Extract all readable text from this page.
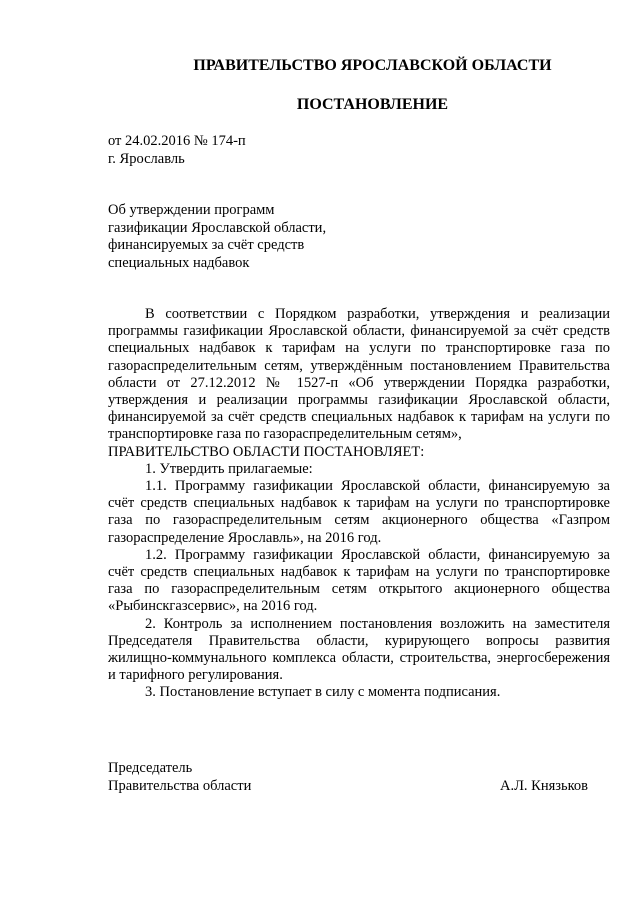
ПРАВИТЕЛЬСТВО ЯРОСЛАВСКОЙ ОБЛАСТИ
ПОСТАНОВЛЕНИЕ
от 24.02.2016 № 174-п
г. Ярославль
Об утверждении программ
газификации Ярославской области,
финансируемых за счёт средств
специальных надбавок

В соответствии с Порядком разработки, утверждения и реализации программы газификации Ярославской области, финансируемой за счёт средств специальных надбавок к тарифам на услуги по транспортировке газа по газораспределительным сетям, утверждённым постановлением Правительства области от 27.12.2012 № 1527-п «Об утверждении Порядка разработки, утверждения и реализации программы газификации Ярославской области, финансируемой за счёт средств специальных надбавок к тарифам на услуги по транспортировке газа по газораспределительным сетям»,

ПРАВИТЕЛЬСТВО ОБЛАСТИ ПОСТАНОВЛЯЕТ:

1. Утвердить прилагаемые:

1.1. Программу газификации Ярославской области, финансируемую за счёт средств специальных надбавок к тарифам на услуги по транспортировке газа по газораспределительным сетям акционерного общества «Газпром газораспределение Ярославль», на 2016 год.

1.2. Программу газификации Ярославской области, финансируемую за счёт средств специальных надбавок к тарифам на услуги по транспортировке газа по газораспределительным сетям открытого акционерного общества «Рыбинскгазсервис», на 2016 год.

2. Контроль за исполнением постановления возложить на заместителя Председателя Правительства области, курирующего вопросы развития жилищно-коммунального комплекса области, строительства, энергосбережения и тарифного регулирования.

3. Постановление вступает в силу с момента подписания.

Председатель
Правительства области	А.Л. Князьков
